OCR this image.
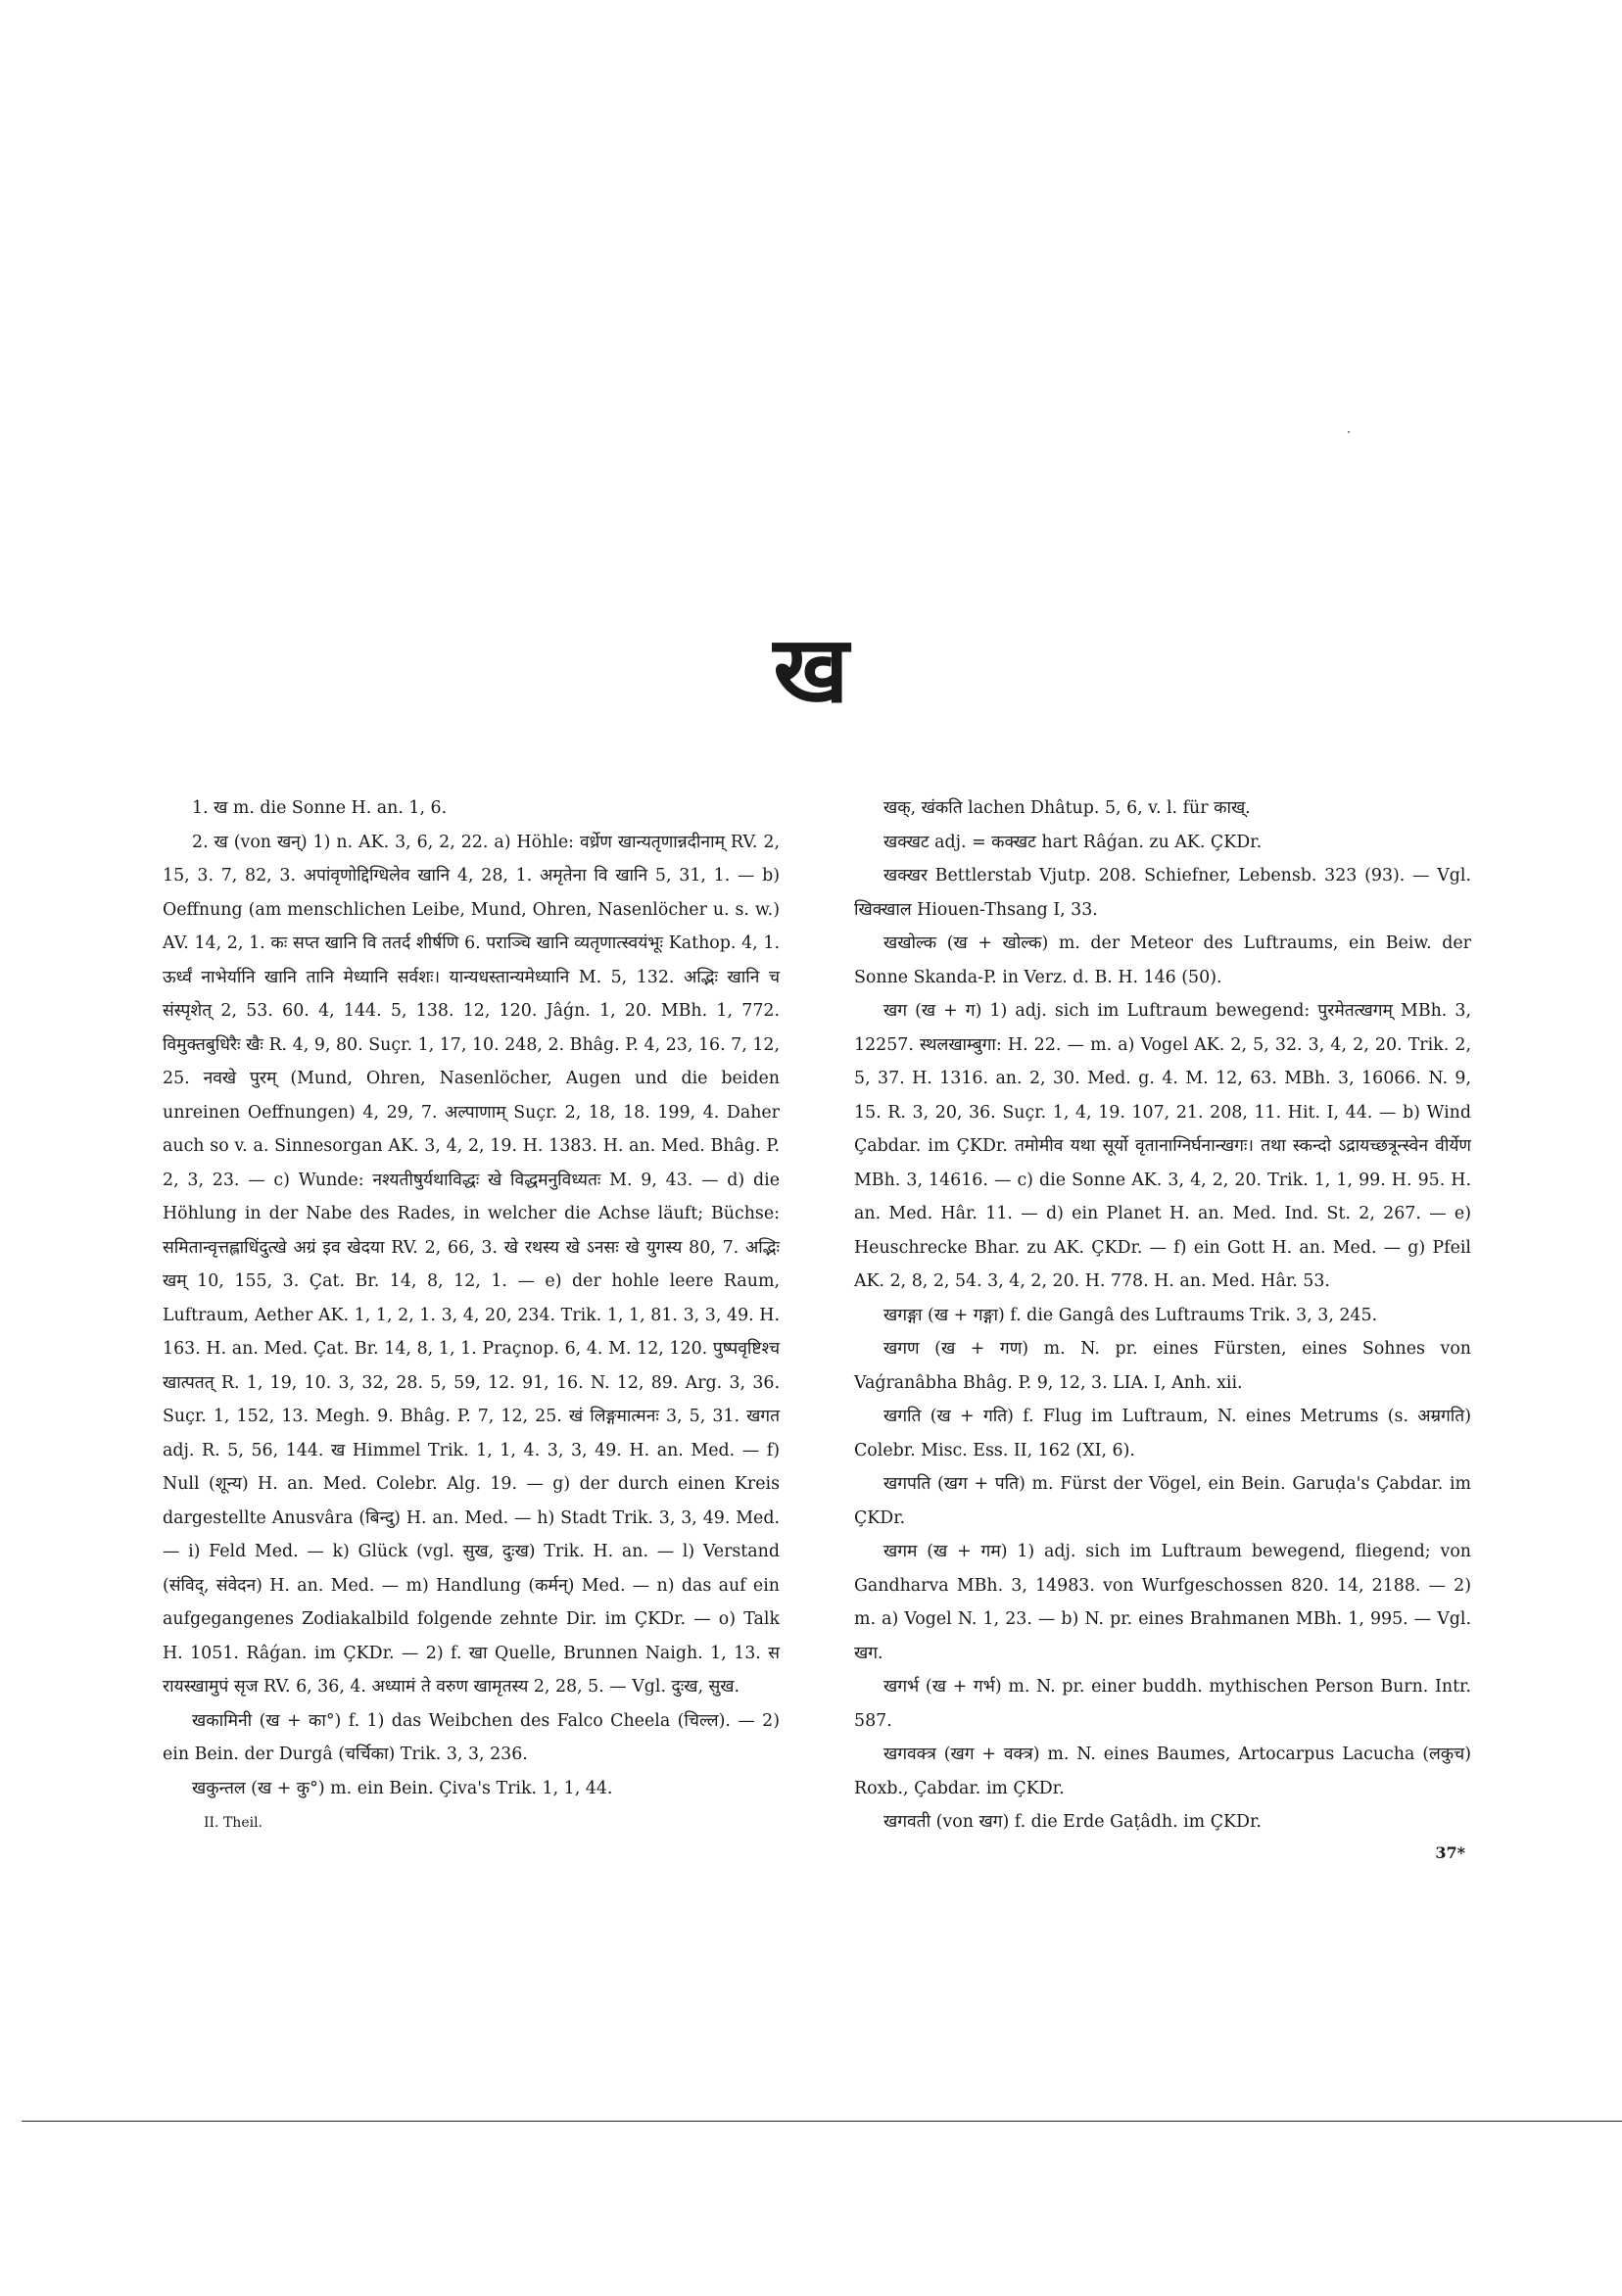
ख

1. ख m. die Sonne H. an. 1, 6.

2. ख (von खन्) 1) n. AK. 3, 6, 2, 22. a) Höhle: वर्ध्रेण खान्यतृणान्नदीनाम् RV. 2, 15, 3. 7, 82, 3. अपांवृणोद्दिग्धिलेव खानि 4, 28, 1. अमृतेना वि खानि 5, 31, 1. — b) Oeffnung (am menschlichen Leibe, Mund, Ohren, Nasenlöcher u. s. w.) AV. 14, 2, 1. कः सप्त खानि वि ततर्द शीर्षणि 6. पराञ्चि खानि व्यतृणात्स्वयंभूः Kathop. 4, 1. ऊर्ध्वं नाभेर्यानि खानि तानि मेध्यानि सर्वशः। यान्यधस्तान्यमेध्यानि M. 5, 132. अद्भिः खानि च संस्पृशेत् 2, 53. 60. 4, 144. 5, 138. 12, 120. Jâǵn. 1, 20. MBh. 1, 772. विमुक्तबुधिरैः खैः R. 4, 9, 80. Suçr. 1, 17, 10. 248, 2. Bhâg. P. 4, 23, 16. 7, 12, 25. नवखे पुरम् (Mund, Ohren, Nasenlöcher, Augen und die beiden unreinen Oeffnungen) 4, 29, 7. अल्पाणाम् Suçr. 2, 18, 18. 199, 4. Daher auch so v. a. Sinnesorgan AK. 3, 4, 2, 19. H. 1383. H. an. Med. Bhâg. P. 2, 3, 23. — c) Wunde: नश्यतीषुर्यथाविद्धः खे विद्धमनुविध्यतः M. 9, 43. — d) die Höhlung in der Nabe des Rades, in welcher die Achse läuft; Büchse: समितान्वृत्तह्लाधिंदुत्खे अग्रं इव खेदया RV. 2, 66, 3. खे रथस्य खे ऽनसः खे युगस्य 80, 7. अद्भिः खम् 10, 155, 3. Çat. Br. 14, 8, 12, 1. — e) der hohle leere Raum, Luftraum, Aether AK. 1, 1, 2, 1. 3, 4, 20, 234. Trik. 1, 1, 81. 3, 3, 49. H. 163. H. an. Med. Çat. Br. 14, 8, 1, 1. Praçnop. 6, 4. M. 12, 120. पुष्पवृष्टिश्च खात्पतत् R. 1, 19, 10. 3, 32, 28. 5, 59, 12. 91, 16. N. 12, 89. Arg. 3, 36. Suçr. 1, 152, 13. Megh. 9. Bhâg. P. 7, 12, 25. खं लिङ्गमात्मनः 3, 5, 31. खगत adj. R. 5, 56, 144. ख Himmel Trik. 1, 1, 4. 3, 3, 49. H. an. Med. — f) Null (शून्य) H. an. Med. Colebr. Alg. 19. — g) der durch einen Kreis dargestellte Anusvâra (बिन्दु) H. an. Med. — h) Stadt Trik. 3, 3, 49. Med. — i) Feld Med. — k) Glück (vgl. सुख, दुःख) Trik. H. an. — l) Verstand (संविद्, संवेदन) H. an. Med. — m) Handlung (कर्मन्) Med. — n) das auf ein aufgegangenes Zodiakalbild folgende zehnte Dir. im ÇKDr. — o) Talk H. 1051. Râǵan. im ÇKDr. — 2) f. खा Quelle, Brunnen Naigh. 1, 13. स रायस्खामुपं सृज RV. 6, 36, 4. अध्यामं ते वरुण खामृतस्य 2, 28, 5. — Vgl. दुःख, सुख.

खकामिनी (ख + का°) f. 1) das Weibchen des Falco Cheela (चिल्ल). — 2) ein Bein. der Durgâ (चर्चिका) Trik. 3, 3, 236.

खकुन्तल (ख + कु°) m. ein Bein. Çiva's Trik. 1, 1, 44.

II. Theil.

खक्, खंकति lachen Dhâtup. 5, 6, v. l. für काख्.

खक्खट adj. = कक्खट hart Râǵan. zu AK. ÇKDr.

खक्खर Bettlerstab Vjutp. 208. Schiefner, Lebensb. 323 (93). — Vgl. खिक्खाल Hiouen-Thsang I, 33.

खखोल्क (ख + खोल्क) m. der Meteor des Luftraums, ein Beiw. der Sonne Skanda-P. in Verz. d. B. H. 146 (50).

खग (ख + ग) 1) adj. sich im Luftraum bewegend: पुरमेतत्खगम् MBh. 3, 12257. स्थलखाम्बुगा: H. 22. — m. a) Vogel AK. 2, 5, 32. 3, 4, 2, 20. Trik. 2, 5, 37. H. 1316. an. 2, 30. Med. g. 4. M. 12, 63. MBh. 3, 16066. N. 9, 15. R. 3, 20, 36. Suçr. 1, 4, 19. 107, 21. 208, 11. Hit. I, 44. — b) Wind Çabdar. im ÇKDr. तमोमीव यथा सूर्यो वृतानाग्निर्घनान्खगः। तथा स्कन्दो ऽद्रायच्छत्रून्स्वेन वीर्येण MBh. 3, 14616. — c) die Sonne AK. 3, 4, 2, 20. Trik. 1, 1, 99. H. 95. H. an. Med. Hâr. 11. — d) ein Planet H. an. Med. Ind. St. 2, 267. — e) Heuschrecke Bhar. zu AK. ÇKDr. — f) ein Gott H. an. Med. — g) Pfeil AK. 2, 8, 2, 54. 3, 4, 2, 20. H. 778. H. an. Med. Hâr. 53.

खगङ्गा (ख + गङ्गा) f. die Gangâ des Luftraums Trik. 3, 3, 245.

खगण (ख + गण) m. N. pr. eines Fürsten, eines Sohnes von Vaǵranâbha Bhâg. P. 9, 12, 3. LIA. I, Anh. xii.

खगति (ख + गति) f. Flug im Luftraum, N. eines Metrums (s. अम्रगति) Colebr. Misc. Ess. II, 162 (XI, 6).

खगपति (खग + पति) m. Fürst der Vögel, ein Bein. Garuḍa's Çabdar. im ÇKDr.

खगम (ख + गम) 1) adj. sich im Luftraum bewegend, fliegend; von Gandharva MBh. 3, 14983. von Wurfgeschossen 820. 14, 2188. — 2) m. a) Vogel N. 1, 23. — b) N. pr. eines Brahmanen MBh. 1, 995. — Vgl. खग.

खगर्भ (ख + गर्भ) m. N. pr. einer buddh. mythischen Person Burn. Intr. 587.

खगवक्त्र (खग + वक्त्र) m. N. eines Baumes, Artocarpus Lacucha (लकुच) Roxb., Çabdar. im ÇKDr.

खगवती (von खग) f. die Erde Gaṭâdh. im ÇKDr.

37*
